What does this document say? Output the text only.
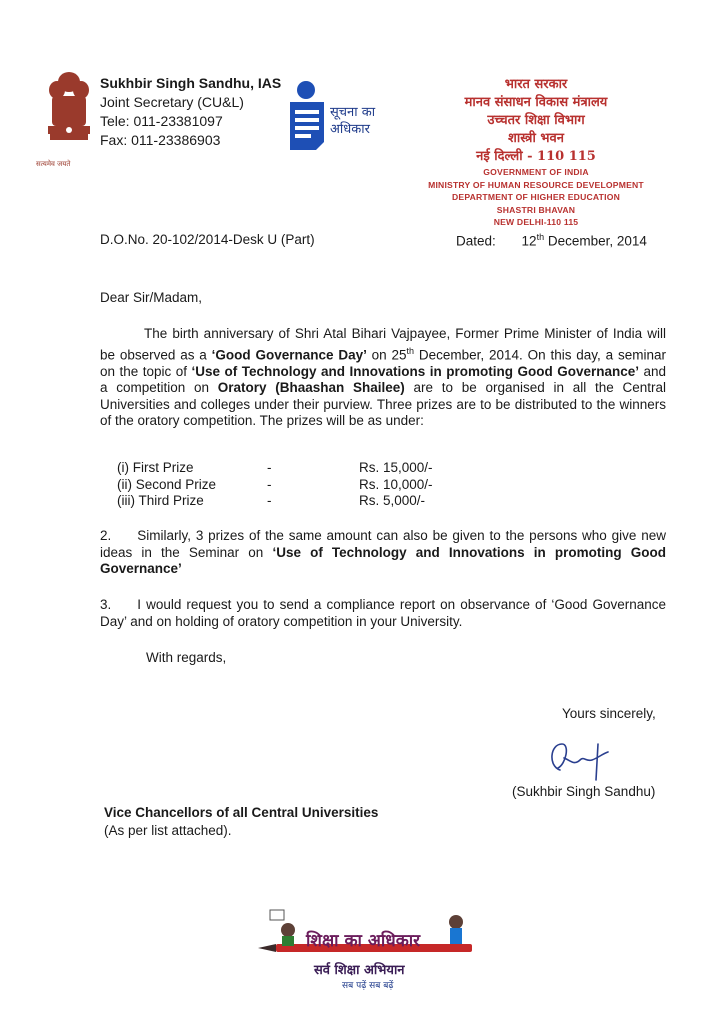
सत्यमेव जयते
Sukhbir Singh Sandhu, IAS
Joint Secretary (CU&L)
Tele: 011-23381097
Fax: 011-23386903
सूचना का
अधिकार
भारत सरकार
मानव संसाधन विकास मंत्रालय
उच्चतर शिक्षा विभाग
शास्त्री भवन
नई दिल्ली - 110 115
GOVERNMENT OF INDIA
MINISTRY OF HUMAN RESOURCE DEVELOPMENT
DEPARTMENT OF HIGHER EDUCATION
SHASTRI BHAVAN
NEW DELHI-110 115
D.O.No. 20-102/2014-Desk U (Part)	Dated: 12th December, 2014
Dear Sir/Madam,
The birth anniversary of Shri Atal Bihari Vajpayee, Former Prime Minister of India will be observed as a ‘Good Governance Day’ on 25th December, 2014. On this day, a seminar on the topic of ‘Use of Technology and Innovations in promoting Good Governance’ and a competition on Oratory (Bhaashan Shailee) are to be organised in all the Central Universities and colleges under their purview. Three prizes are to be distributed to the winners of the oratory competition. The prizes will be as under:
(i) First Prize	-	Rs. 15,000/-
(ii) Second Prize	-	Rs. 10,000/-
(iii) Third Prize	-	Rs. 5,000/-
2. Similarly, 3 prizes of the same amount can also be given to the persons who give new ideas in the Seminar on ‘Use of Technology and Innovations in promoting Good Governance’
3. I would request you to send a compliance report on observance of ‘Good Governance Day’ and on holding of oratory competition in your University.
With regards,
Yours sincerely,
(Sukhbir Singh Sandhu)
Vice Chancellors of all Central Universities
(As per list attached).
शिक्षा का अधिकार
सर्व शिक्षा अभियान
सब पढ़ें सब बढ़ें
